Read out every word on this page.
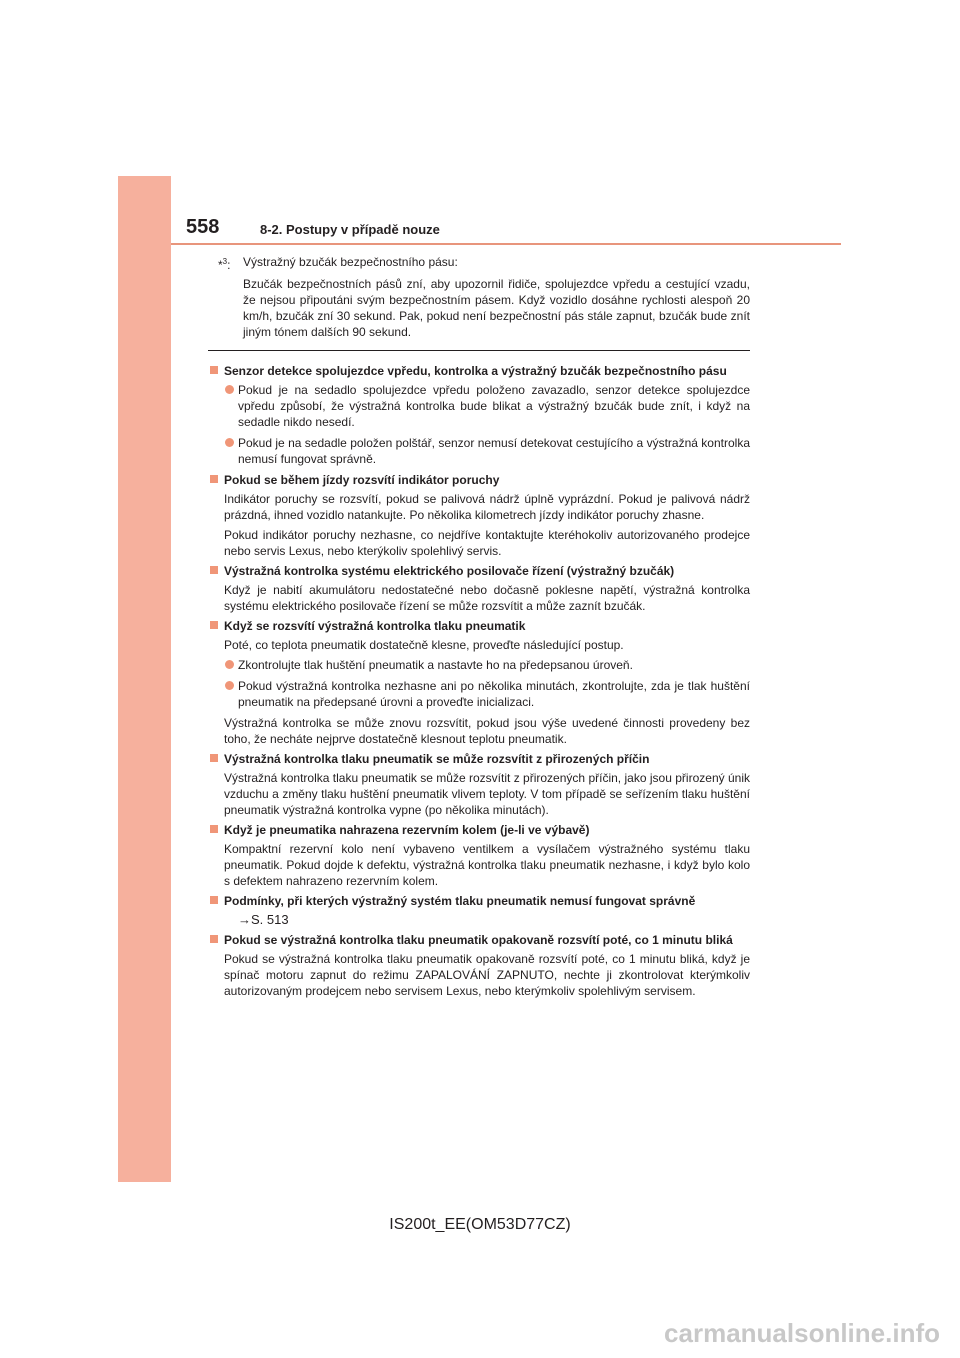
558	8-2. Postupy v případě nouze
*$^3$: Výstražný bzučák bezpečnostního pásu:

Bzučák bezpečnostních pásů zní, aby upozornil řidiče, spolujezdce vpředu a cestující vzadu, že nejsou připoutáni svým bezpečnostním pásem. Když vozidlo dosáhne rychlosti alespoň 20 km/h, bzučák zní 30 sekund. Pak, pokud není bezpečnostní pás stále zapnut, bzučák bude znít jiným tónem dalších 90 sekund.

Senzor detekce spolujezdce vpředu, kontrolka a výstražný bzučák bezpečnostního pásu
Pokud je na sedadlo spolujezdce vpředu položeno zavazadlo, senzor detekce spolujezdce vpředu způsobí, že výstražná kontrolka bude blikat a výstražný bzučák bude znít, i když na sedadle nikdo nesedí.
Pokud je na sedadle položen polštář, senzor nemusí detekovat cestujícího a výstražná kontrolka nemusí fungovat správně.
Pokud se během jízdy rozsvítí indikátor poruchy

Indikátor poruchy se rozsvítí, pokud se palivová nádrž úplně vyprázdní. Pokud je palivová nádrž prázdná, ihned vozidlo natankujte. Po několika kilometrech jízdy indikátor poruchy zhasne.

Pokud indikátor poruchy nezhasne, co nejdříve kontaktujte kteréhokoliv autorizovaného prodejce nebo servis Lexus, nebo kterýkoliv spolehlivý servis.

Výstražná kontrolka systému elektrického posilovače řízení (výstražný bzučák)

Když je nabití akumulátoru nedostatečné nebo dočasně poklesne napětí, výstražná kontrolka systému elektrického posilovače řízení se může rozsvítit a může zaznít bzučák.

Když se rozsvítí výstražná kontrolka tlaku pneumatik

Poté, co teplota pneumatik dostatečně klesne, proveďte následující postup.

Zkontrolujte tlak huštění pneumatik a nastavte ho na předepsanou úroveň.
Pokud výstražná kontrolka nezhasne ani po několika minutách, zkontrolujte, zda je tlak huštění pneumatik na předepsané úrovni a proveďte inicializaci.

Výstražná kontrolka se může znovu rozsvítit, pokud jsou výše uvedené činnosti provedeny bez toho, že necháte nejprve dostatečně klesnout teplotu pneumatik.

Výstražná kontrolka tlaku pneumatik se může rozsvítit z přirozených příčin

Výstražná kontrolka tlaku pneumatik se může rozsvítit z přirozených příčin, jako jsou přirozený únik vzduchu a změny tlaku huštění pneumatik vlivem teploty. V tom případě se seřízením tlaku huštění pneumatik výstražná kontrolka vypne (po několika minutách).

Když je pneumatika nahrazena rezervním kolem (je-li ve výbavě)

Kompaktní rezervní kolo není vybaveno ventilkem a vysílačem výstražného systému tlaku pneumatik. Pokud dojde k defektu, výstražná kontrolka tlaku pneumatik nezhasne, i když bylo kolo s defektem nahrazeno rezervním kolem.

Podmínky, při kterých výstražný systém tlaku pneumatik nemusí fungovat správně

→S. 513

Pokud se výstražná kontrolka tlaku pneumatik opakovaně rozsvítí poté, co 1 minutu bliká

Pokud se výstražná kontrolka tlaku pneumatik opakovaně rozsvítí poté, co 1 minutu bliká, když je spínač motoru zapnut do režimu ZAPALOVÁNÍ ZAPNUTO, nechte ji zkontrolovat kterýmkoliv autorizovaným prodejcem nebo servisem Lexus, nebo kterýmkoliv spolehlivým servisem.

IS200t_EE(OM53D77CZ)
carmanualsonline.info
